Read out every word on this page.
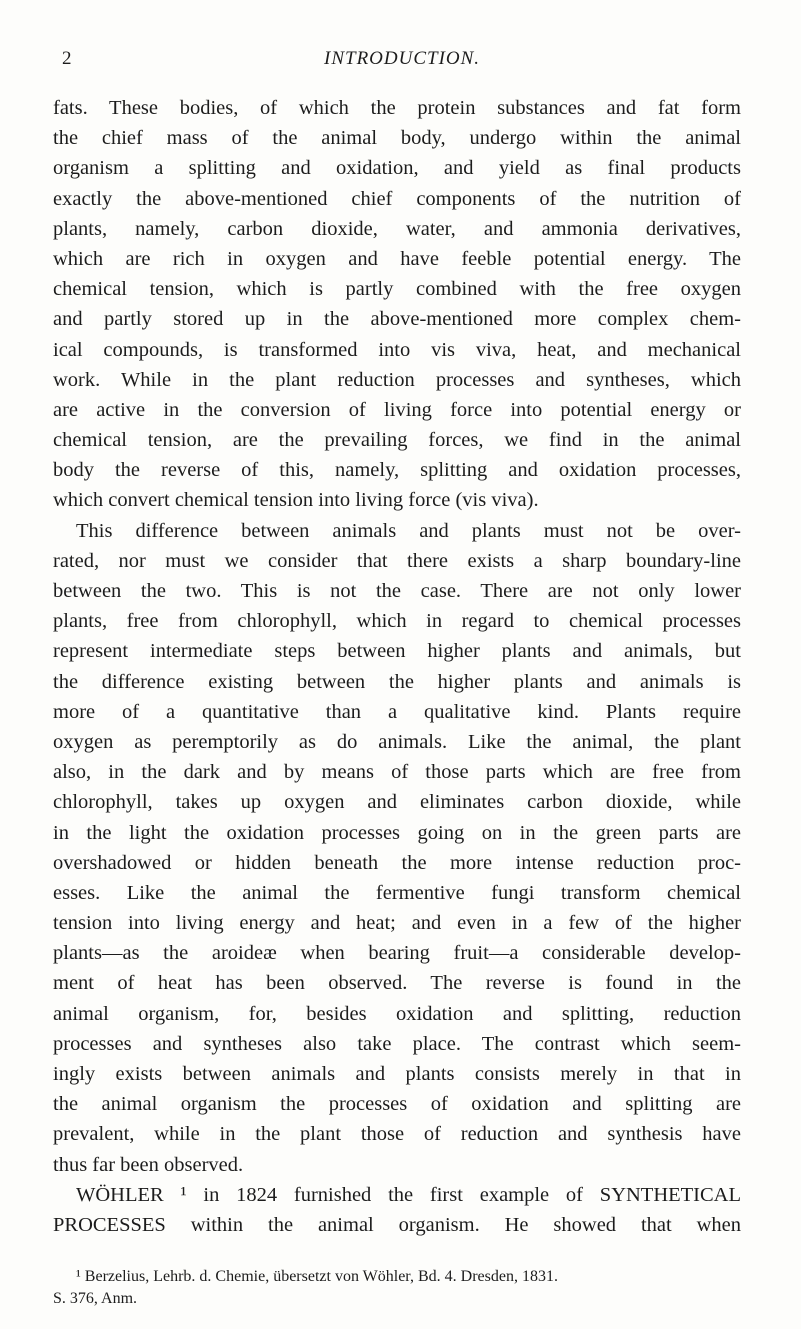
2	INTRODUCTION.
fats. These bodies, of which the protein substances and fat form
the chief mass of the animal body, undergo within the animal
organism a splitting and oxidation, and yield as final products
exactly the above-mentioned chief components of the nutrition of
plants, namely, carbon dioxide, water, and ammonia derivatives,
which are rich in oxygen and have feeble potential energy. The
chemical tension, which is partly combined with the free oxygen
and partly stored up in the above-mentioned more complex chem-
ical compounds, is transformed into vis viva, heat, and mechanical
work. While in the plant reduction processes and syntheses, which
are active in the conversion of living force into potential energy or
chemical tension, are the prevailing forces, we find in the animal
body the reverse of this, namely, splitting and oxidation processes,
which convert chemical tension into living force (vis viva).
This difference between animals and plants must not be over-
rated, nor must we consider that there exists a sharp boundary-line
between the two. This is not the case. There are not only lower
plants, free from chlorophyll, which in regard to chemical processes
represent intermediate steps between higher plants and animals, but
the difference existing between the higher plants and animals is
more of a quantitative than a qualitative kind. Plants require
oxygen as peremptorily as do animals. Like the animal, the plant
also, in the dark and by means of those parts which are free from
chlorophyll, takes up oxygen and eliminates carbon dioxide, while
in the light the oxidation processes going on in the green parts are
overshadowed or hidden beneath the more intense reduction proc-
esses. Like the animal the fermentive fungi transform chemical
tension into living energy and heat; and even in a few of the higher
plants—as the aroideæ when bearing fruit—a considerable develop-
ment of heat has been observed. The reverse is found in the
animal organism, for, besides oxidation and splitting, reduction
processes and syntheses also take place. The contrast which seem-
ingly exists between animals and plants consists merely in that in
the animal organism the processes of oxidation and splitting are
prevalent, while in the plant those of reduction and synthesis have
thus far been observed.
WÖHLER ¹ in 1824 furnished the first example of SYNTHETICAL
PROCESSES within the animal organism. He showed that when
¹ Berzelius, Lehrb. d. Chemie, übersetzt von Wöhler, Bd. 4. Dresden, 1831.
S. 376, Anm.
